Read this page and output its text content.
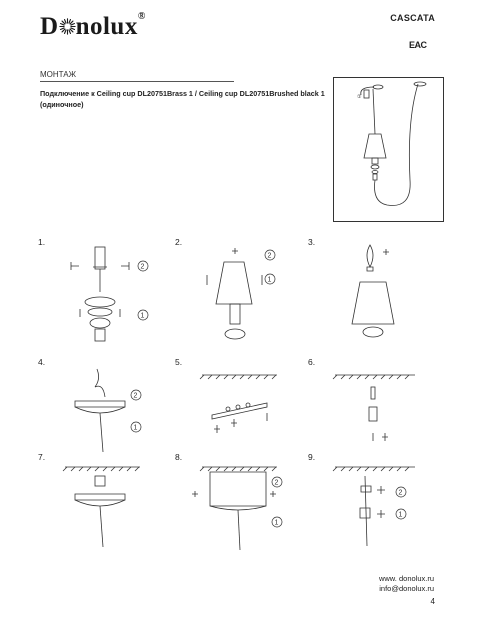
D nolux®	CASCATA
EAC
МОНТАЖ
Подключение к Ceiling cup DL20751Brass 1 / Ceiling cup DL20751Brushed black 1 (одиночное)
①
1.
2
1
2.
2
1
3.
4.
2
1
5.	6.
7.	8.
2
1
9.
2
1
www. donolux.ru
info@donolux.ru
4
